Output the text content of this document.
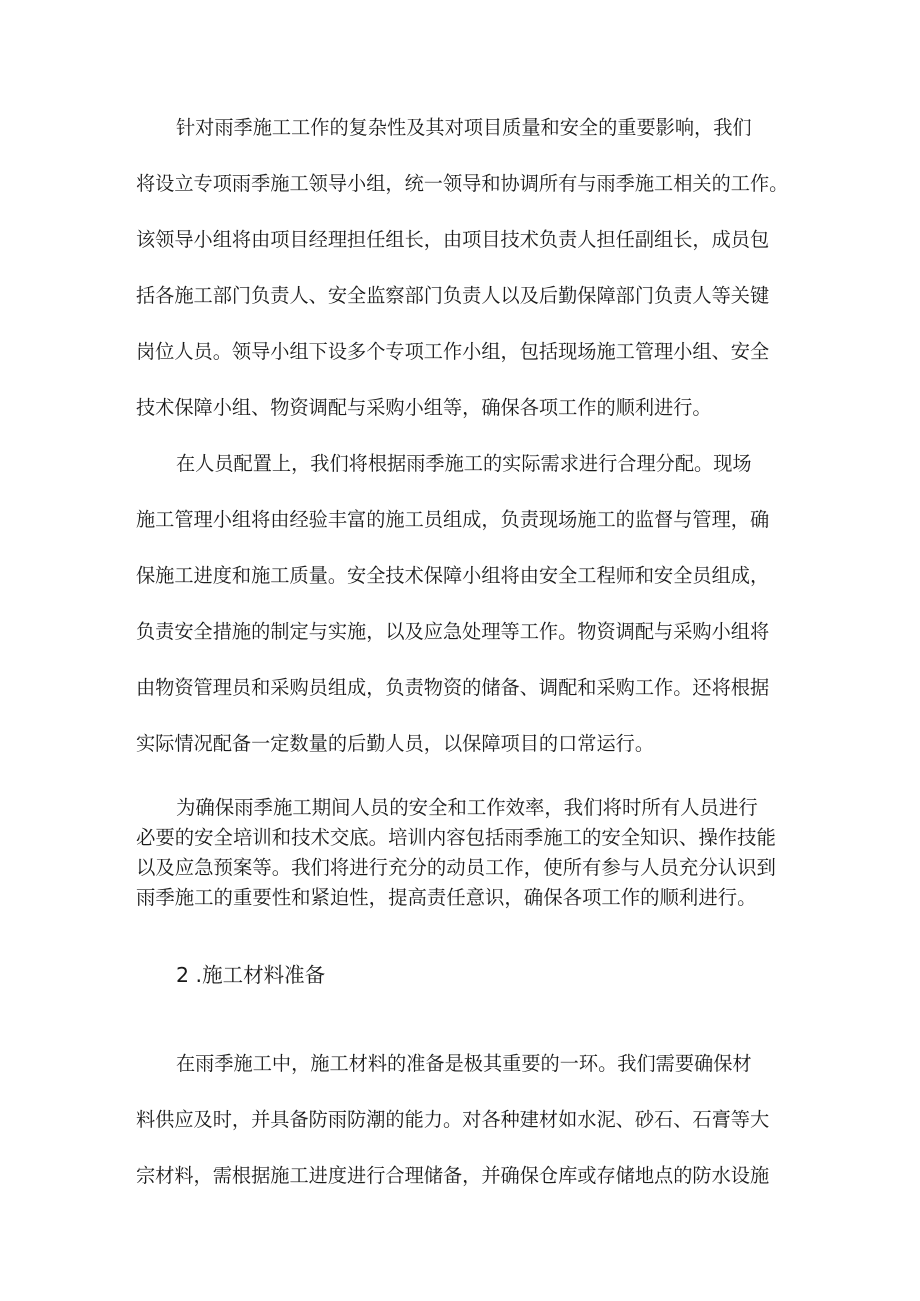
针对雨季施工工作的复杂性及其对项目质量和安全的重要影响，我们
将设立专项雨季施工领导小组，统一领导和协调所有与雨季施工相关的工作。
该领导小组将由项目经理担任组长，由项目技术负责人担任副组长，成员包
括各施工部门负责人、安全监察部门负责人以及后勤保障部门负责人等关键
岗位人员。领导小组下设多个专项工作小组，包括现场施工管理小组、安全
技术保障小组、物资调配与采购小组等，确保各项工作的顺利进行。
在人员配置上，我们将根据雨季施工的实际需求进行合理分配。现场
施工管理小组将由经验丰富的施工员组成，负责现场施工的监督与管理，确
保施工进度和施工质量。安全技术保障小组将由安全工程师和安全员组成，
负责安全措施的制定与实施，以及应急处理等工作。物资调配与采购小组将
由物资管理员和采购员组成，负责物资的储备、调配和采购工作。还将根据
实际情况配备一定数量的后勤人员，以保障项目的口常运行。
为确保雨季施工期间人员的安全和工作效率，我们将时所有人员进行
必要的安全培训和技术交底。培训内容包括雨季施工的安全知识、操作技能
以及应急预案等。我们将进行充分的动员工作，使所有参与人员充分认识到
雨季施工的重要性和紧迫性，提高责任意识，确保各项工作的顺利进行。
2 .施工材料准备
在雨季施工中，施工材料的准备是极其重要的一环。我们需要确保材
料供应及时，并具备防雨防潮的能力。对各种建材如水泥、砂石、石膏等大
宗材料，需根据施工进度进行合理储备，并确保仓库或存储地点的防水设施
